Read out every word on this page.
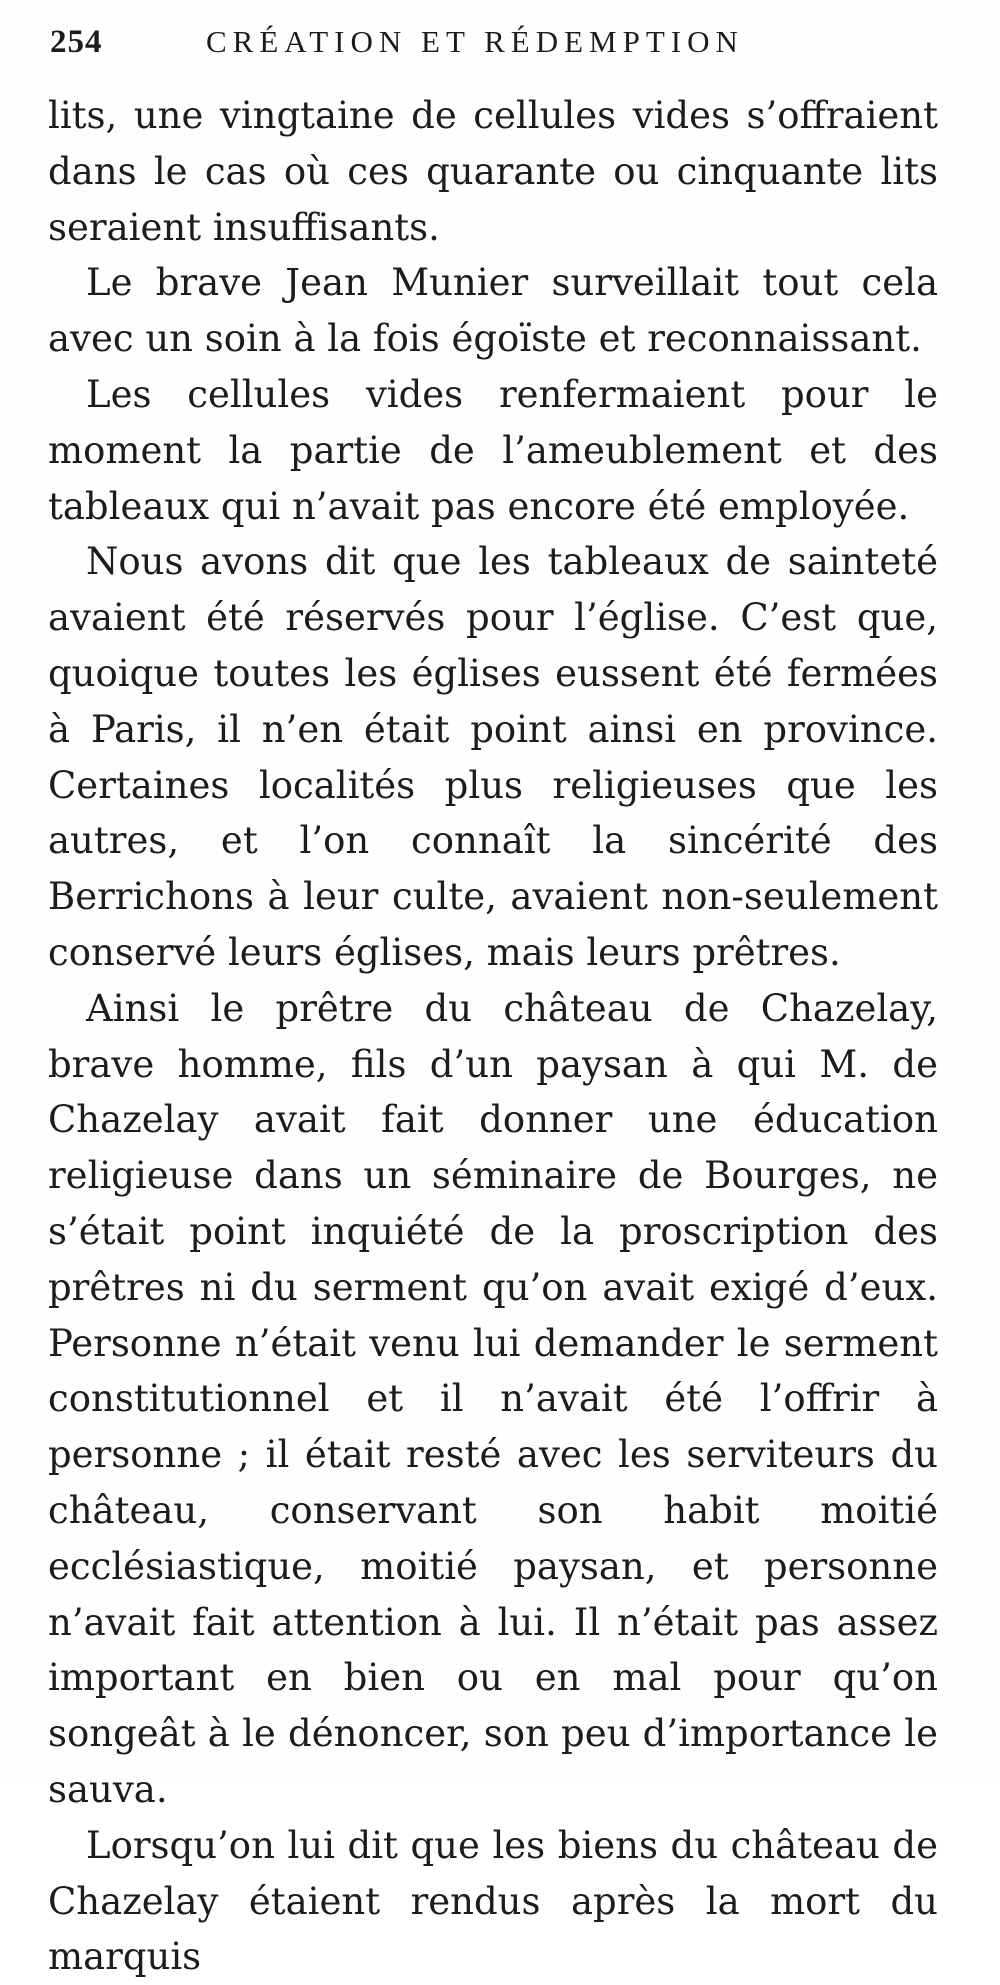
254	CRÉATION ET RÉDEMPTION

lits, une vingtaine de cellules vides s’offraient dans le cas où ces quarante ou cinquante lits seraient insuffisants.

Le brave Jean Munier surveillait tout cela avec un soin à la fois égoïste et reconnaissant.

Les cellules vides renfermaient pour le moment la partie de l’ameublement et des tableaux qui n’avait pas encore été employée.

Nous avons dit que les tableaux de sainteté avaient été réservés pour l’église. C’est que, quoique toutes les églises eussent été fermées à Paris, il n’en était point ainsi en province. Certaines localités plus religieuses que les autres, et l’on connaît la sincérité des Berrichons à leur culte, avaient non-seulement conservé leurs églises, mais leurs prêtres.

Ainsi le prêtre du château de Chazelay, brave homme, fils d’un paysan à qui M. de Chazelay avait fait donner une éducation religieuse dans un séminaire de Bourges, ne s’était point inquiété de la proscription des prêtres ni du serment qu’on avait exigé d’eux. Personne n’était venu lui demander le serment constitutionnel et il n’avait été l’offrir à personne ; il était resté avec les serviteurs du château, conservant son habit moitié ecclésiastique, moitié paysan, et personne n’avait fait attention à lui. Il n’était pas assez important en bien ou en mal pour qu’on songeât à le dénoncer, son peu d’importance le sauva.

Lorsqu’on lui dit que les biens du château de Chazelay étaient rendus après la mort du marquis
